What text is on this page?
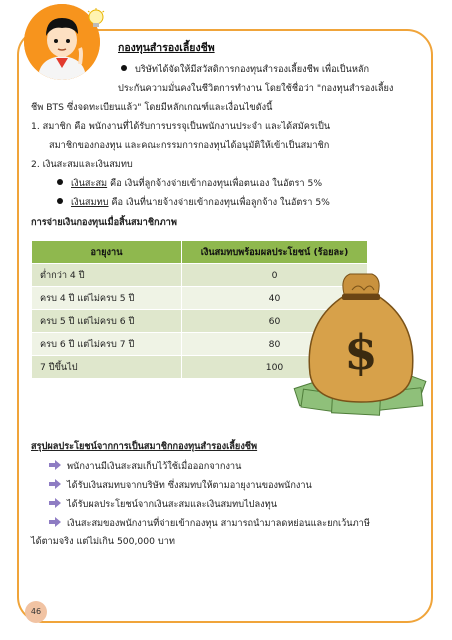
กองทุนสำรองเลี้ยงชีพ
บริษัทได้จัดให้มีสวัสดิการกองทุนสำรองเลี้ยงชีพ เพื่อเป็นหลัก
ประกันความมั่นคงในชีวิตการทำงาน โดยใช้ชื่อว่า "กองทุนสำรองเลี้ยง
ชีพ BTS ซึ่งจดทะเบียนแล้ว" โดยมีหลักเกณฑ์และเงื่อนไขดังนี้
1. สมาชิก คือ พนักงานที่ได้รับการบรรจุเป็นพนักงานประจำ และได้สมัครเป็น
สมาชิกของกองทุน และคณะกรรมการกองทุนได้อนุมัติให้เข้าเป็นสมาชิก
2. เงินสะสมและเงินสมทบ
เงินสะสม คือ เงินที่ลูกจ้างจ่ายเข้ากองทุนเพื่อตนเอง ในอัตรา 5%
เงินสมทบ คือ เงินที่นายจ้างจ่ายเข้ากองทุนเพื่อลูกจ้าง ในอัตรา 5%
การจ่ายเงินกองทุนเมื่อสิ้นสมาชิกภาพ
อายุงาน	เงินสมทบพร้อมผลประโยชน์ (ร้อยละ)
ต่ำกว่า 4 ปี	0
ครบ 4 ปี แต่ไม่ครบ 5 ปี	40
ครบ 5 ปี แต่ไม่ครบ 6 ปี	60
ครบ 6 ปี แต่ไม่ครบ 7 ปี	80
7 ปีขึ้นไป	100 $
สรุปผลประโยชน์จากการเป็นสมาชิกกองทุนสำรองเลี้ยงชีพ
พนักงานมีเงินสะสมเก็บไว้ใช้เมื่อออกจากงาน
ได้รับเงินสมทบจากบริษัท ซึ่งสมทบให้ตามอายุงานของพนักงาน
ได้รับผลประโยชน์จากเงินสะสมและเงินสมทบไปลงทุน
เงินสะสมของพนักงานที่จ่ายเข้ากองทุน สามารถนำมาลดหย่อนและยกเว้นภาษี
ได้ตามจริง แต่ไม่เกิน 500,000 บาท
46
